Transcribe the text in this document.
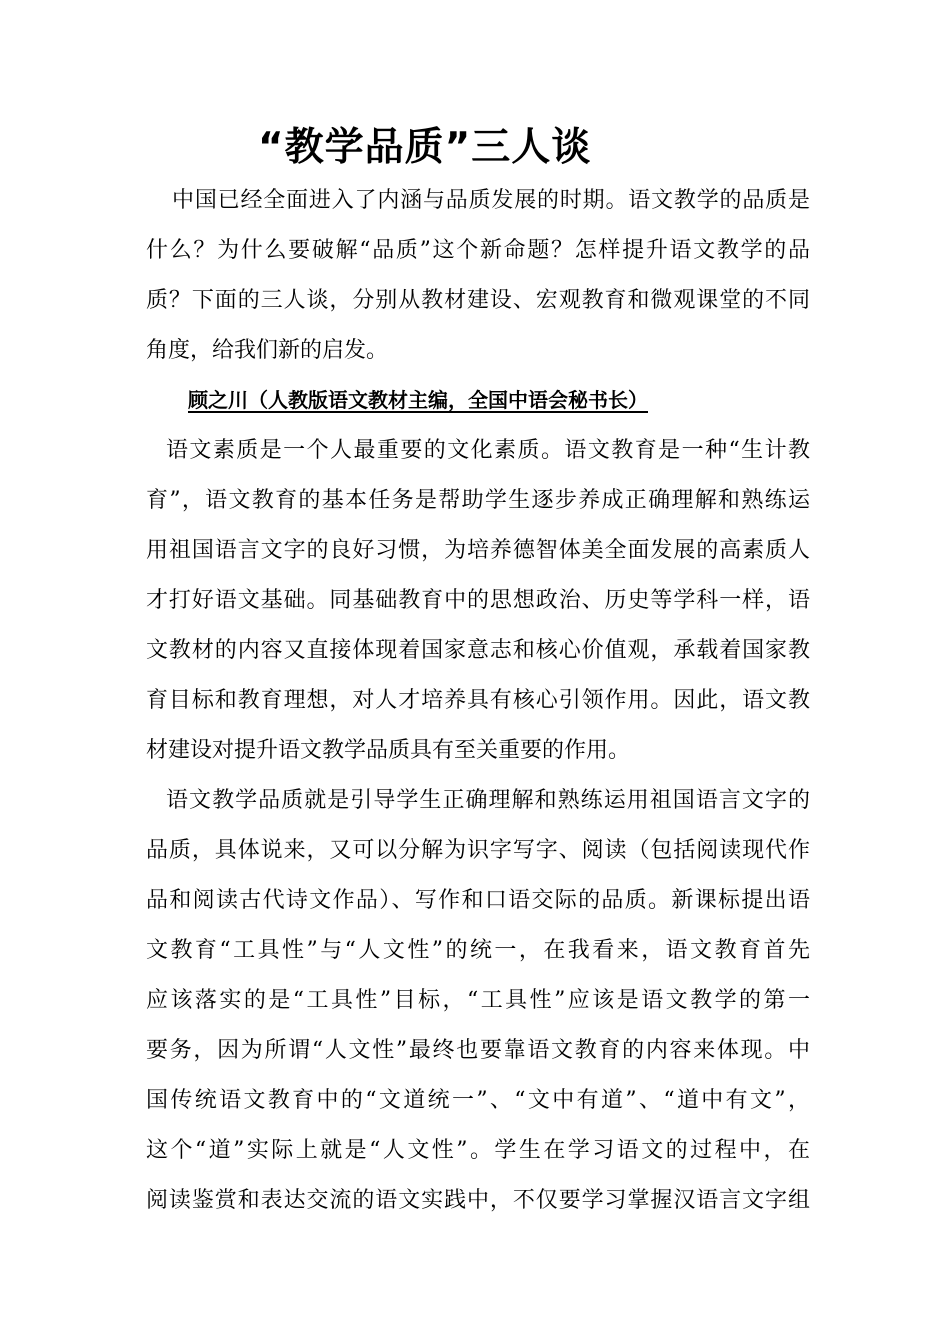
“教学品质”三人谈
中国已经全面进入了内涵与品质发展的时期。语文教学的品质是
什么？为什么要破解“品质”这个新命题？怎样提升语文教学的品
质？下面的三人谈，分别从教材建设、宏观教育和微观课堂的不同
角度，给我们新的启发。
顾之川（人教版语文教材主编，全国中语会秘书长）
语文素质是一个人最重要的文化素质。语文教育是一种“生计教
育”，语文教育的基本任务是帮助学生逐步养成正确理解和熟练运
用祖国语言文字的良好习惯，为培养德智体美全面发展的高素质人
才打好语文基础。同基础教育中的思想政治、历史等学科一样，语
文教材的内容又直接体现着国家意志和核心价值观，承载着国家教
育目标和教育理想，对人才培养具有核心引领作用。因此，语文教
材建设对提升语文教学品质具有至关重要的作用。
语文教学品质就是引导学生正确理解和熟练运用祖国语言文字的
品质，具体说来，又可以分解为识字写字、阅读（包括阅读现代作
品和阅读古代诗文作品）、写作和口语交际的品质。新课标提出语
文教育“工具性”与“人文性”的统一，在我看来，语文教育首先
应该落实的是“工具性”目标，“工具性”应该是语文教学的第一
要务，因为所谓“人文性”最终也要靠语文教育的内容来体现。中
国传统语文教育中的“文道统一”、“文中有道”、“道中有文”，
这个“道”实际上就是“人文性”。学生在学习语文的过程中，在
阅读鉴赏和表达交流的语文实践中，不仅要学习掌握汉语言文字组
